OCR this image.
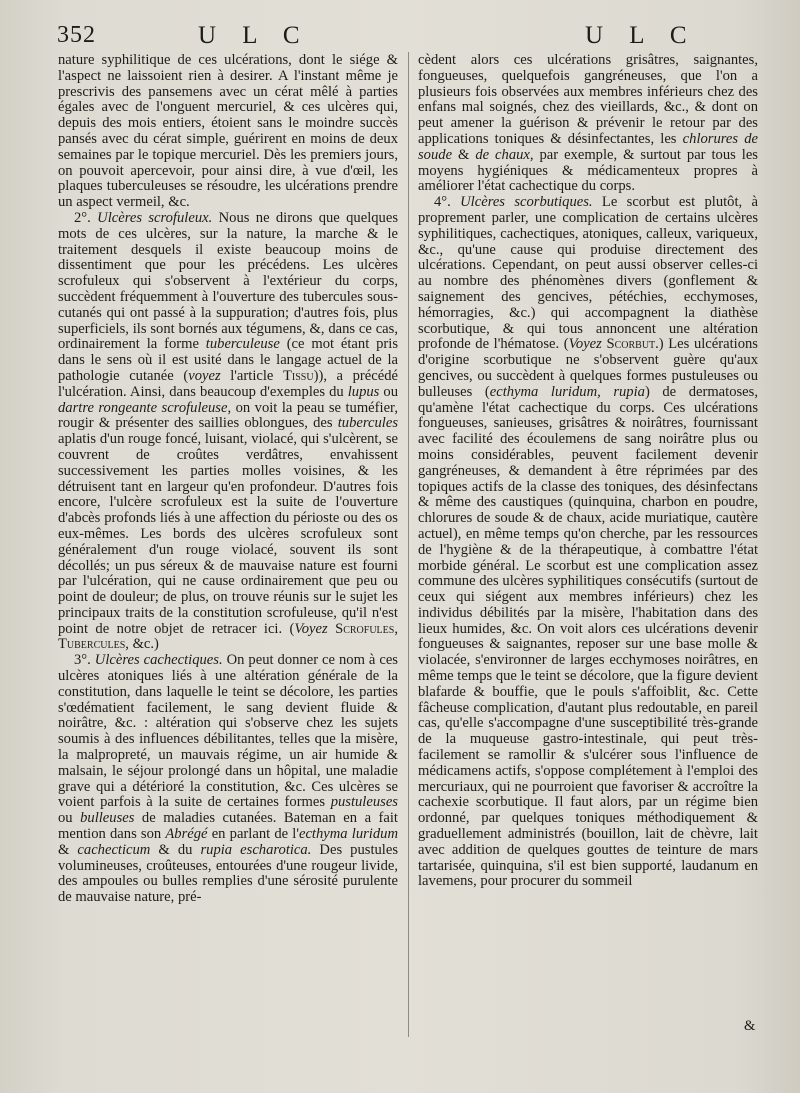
352	U L C	U L C

nature syphilitique de ces ulcérations, dont le siége & l'aspect ne laissoient rien à desirer. A l'instant même je prescrivis des pansemens avec un cérat mêlé à parties égales avec de l'onguent mercuriel, & ces ulcères qui, depuis des mois entiers, étoient sans le moindre succès pansés avec du cérat simple, guérirent en moins de deux semaines par le topique mercuriel. Dès les premiers jours, on pouvoit apercevoir, pour ainsi dire, à vue d'œil, les plaques tuberculeuses se résoudre, les ulcérations prendre un aspect vermeil, &c.

2°. Ulcères scrofuleux. Nous ne dirons que quelques mots de ces ulcères, sur la nature, la marche & le traitement desquels il existe beaucoup moins de dissentiment que pour les précédens. Les ulcères scrofuleux qui s'observent à l'extérieur du corps, succèdent fréquemment à l'ouverture des tubercules sous-cutanés qui ont passé à la suppuration; d'autres fois, plus superficiels, ils sont bornés aux tégumens, &, dans ce cas, ordinairement la forme tuberculeuse (ce mot étant pris dans le sens où il est usité dans le langage actuel de la pathologie cutanée (voyez l'article Tissu)), a précédé l'ulcération. Ainsi, dans beaucoup d'exemples du lupus ou dartre rongeante scrofuleuse, on voit la peau se tuméfier, rougir & présenter des saillies oblongues, des tubercules aplatis d'un rouge foncé, luisant, violacé, qui s'ulcèrent, se couvrent de croûtes verdâtres, envahissent successivement les parties molles voisines, & les détruisent tant en largeur qu'en profondeur. D'autres fois encore, l'ulcère scrofuleux est la suite de l'ouverture d'abcès profonds liés à une affection du périoste ou des os eux-mêmes. Les bords des ulcères scrofuleux sont généralement d'un rouge violacé, souvent ils sont décollés; un pus séreux & de mauvaise nature est fourni par l'ulcération, qui ne cause ordinairement que peu ou point de douleur; de plus, on trouve réunis sur le sujet les principaux traits de la constitution scrofuleuse, qu'il n'est point de notre objet de retracer ici. (Voyez Scrofules, Tubercules, &c.)

3°. Ulcères cachectiques. On peut donner ce nom à ces ulcères atoniques liés à une altération générale de la constitution, dans laquelle le teint se décolore, les parties s'œdématient facilement, le sang devient fluide & noirâtre, &c. : altération qui s'observe chez les sujets soumis à des influences débilitantes, telles que la misère, la malpropreté, un mauvais régime, un air humide & malsain, le séjour prolongé dans un hôpital, une maladie grave qui a détérioré la constitution, &c. Ces ulcères se voient parfois à la suite de certaines formes pustuleuses ou bulleuses de maladies cutanées. Bateman en a fait mention dans son Abrégé en parlant de l'ecthyma luridum & cachecticum & du rupia escharotica. Des pustules volumineuses, croûteuses, entourées d'une rougeur livide, des ampoules ou bulles remplies d'une sérosité purulente de mauvaise nature, pré-

cèdent alors ces ulcérations grisâtres, saignantes, fongueuses, quelquefois gangréneuses, que l'on a plusieurs fois observées aux membres inférieurs chez des enfans mal soignés, chez des vieillards, &c., & dont on peut amener la guérison & prévenir le retour par des applications toniques & désinfectantes, les chlorures de soude & de chaux, par exemple, & surtout par tous les moyens hygiéniques & médicamenteux propres à améliorer l'état cachectique du corps.

4°. Ulcères scorbutiques. Le scorbut est plutôt, à proprement parler, une complication de certains ulcères syphilitiques, cachectiques, atoniques, calleux, variqueux, &c., qu'une cause qui produise directement des ulcérations. Cependant, on peut aussi observer celles-ci au nombre des phénomènes divers (gonflement & saignement des gencives, pétéchies, ecchymoses, hémorragies, &c.) qui accompagnent la diathèse scorbutique, & qui tous annoncent une altération profonde de l'hématose. (Voyez Scorbut.) Les ulcérations d'origine scorbutique ne s'observent guère qu'aux gencives, ou succèdent à quelques formes pustuleuses ou bulleuses (ecthyma luridum, rupia) de dermatoses, qu'amène l'état cachectique du corps. Ces ulcérations fongueuses, sanieuses, grisâtres & noirâtres, fournissant avec facilité des écoulemens de sang noirâtre plus ou moins considérables, peuvent facilement devenir gangréneuses, & demandent à être réprimées par des topiques actifs de la classe des toniques, des désinfectans & même des caustiques (quinquina, charbon en poudre, chlorures de soude & de chaux, acide muriatique, cautère actuel), en même temps qu'on cherche, par les ressources de l'hygiène & de la thérapeutique, à combattre l'état morbide général. Le scorbut est une complication assez commune des ulcères syphilitiques consécutifs (surtout de ceux qui siégent aux membres inférieurs) chez les individus débilités par la misère, l'habitation dans des lieux humides, &c. On voit alors ces ulcérations devenir fongueuses & saignantes, reposer sur une base molle & violacée, s'environner de larges ecchymoses noirâtres, en même temps que le teint se décolore, que la figure devient blafarde & bouffie, que le pouls s'affoiblit, &c. Cette fâcheuse complication, d'autant plus redoutable, en pareil cas, qu'elle s'accompagne d'une susceptibilité très-grande de la muqueuse gastro-intestinale, qui peut très-facilement se ramollir & s'ulcérer sous l'influence de médicamens actifs, s'oppose complétement à l'emploi des mercuriaux, qui ne pourroient que favoriser & accroître la cachexie scorbutique. Il faut alors, par un régime bien ordonné, par quelques toniques méthodiquement & graduellement administrés (bouillon, lait de chèvre, lait avec addition de quelques gouttes de teinture de mars tartarisée, quinquina, s'il est bien supporté, laudanum en lavemens, pour procurer du sommeil

&
